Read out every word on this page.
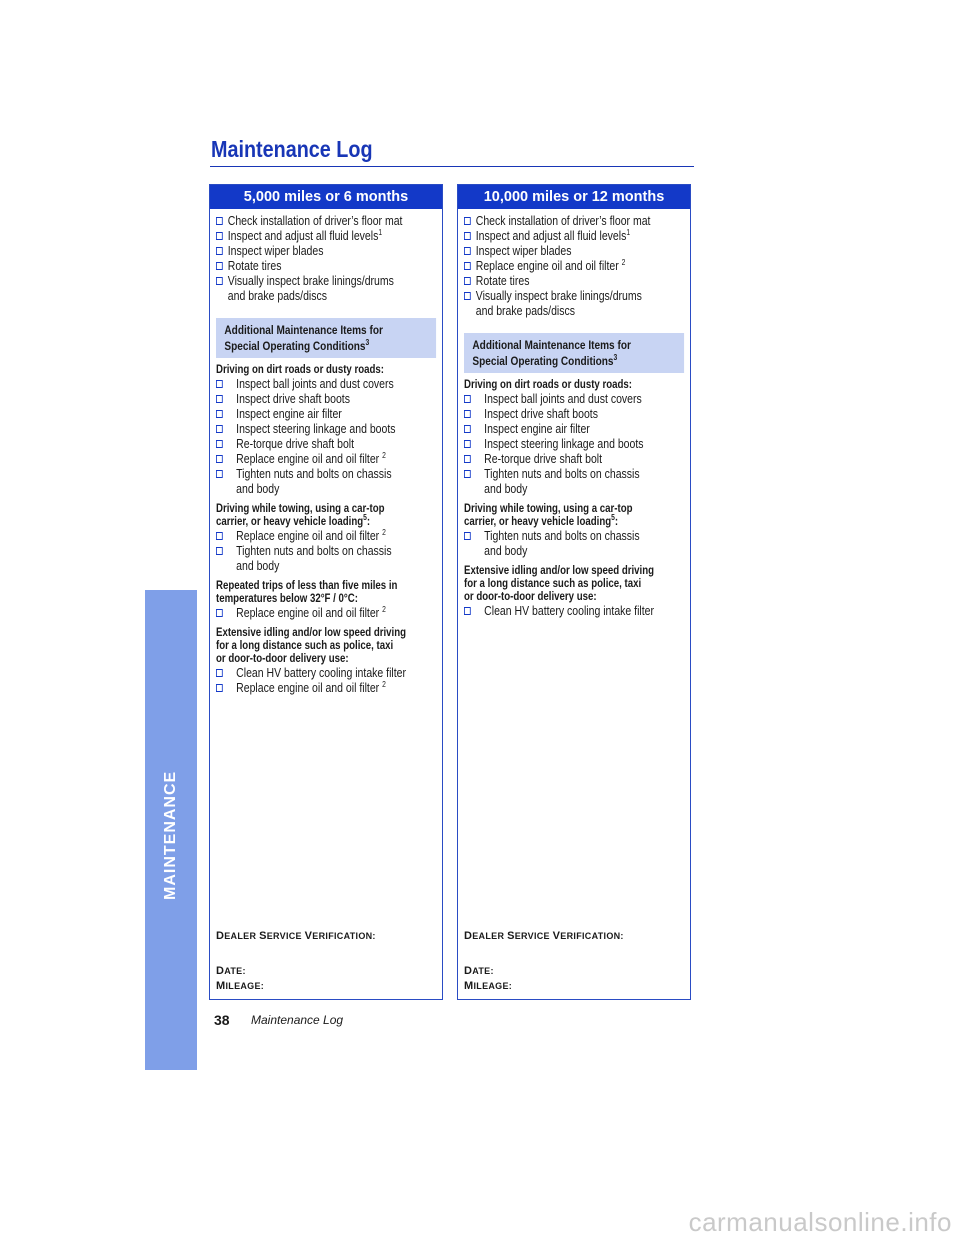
MAINTENANCE
Maintenance Log
5,000 miles or 6 months
Check installation of driver’s floor mat
Inspect and adjust all fluid levels$^1$
Inspect wiper blades
Rotate tires
Visually inspect brake linings/drums
and brake pads/discs
Additional Maintenance Items for
Special Operating Conditions$^3$
Driving on dirt roads or dusty roads:
Inspect ball joints and dust covers
Inspect drive shaft boots
Inspect engine air filter
Inspect steering linkage and boots
Re-torque drive shaft bolt
Replace engine oil and oil filter $^2$
Tighten nuts and bolts on chassis
and body
Driving while towing, using a car-top
carrier, or heavy vehicle loading$^5$:
Replace engine oil and oil filter $^2$
Tighten nuts and bolts on chassis
and body
Repeated trips of less than five miles in
temperatures below 32°F / 0°C:
Replace engine oil and oil filter $^2$
Extensive idling and/or low speed driving
for a long distance such as police, taxi
or door-to-door delivery use:
Clean HV battery cooling intake filter
Replace engine oil and oil filter $^2$
DEALER SERVICE VERIFICATION:
DATE:
MILEAGE:
10,000 miles or 12 months
Check installation of driver’s floor mat
Inspect and adjust all fluid levels$^1$
Inspect wiper blades
Replace engine oil and oil filter $^2$
Rotate tires
Visually inspect brake linings/drums
and brake pads/discs
Additional Maintenance Items for
Special Operating Conditions$^3$
Driving on dirt roads or dusty roads:
Inspect ball joints and dust covers
Inspect drive shaft boots
Inspect engine air filter
Inspect steering linkage and boots
Re-torque drive shaft bolt
Tighten nuts and bolts on chassis
and body
Driving while towing, using a car-top
carrier, or heavy vehicle loading$^5$:
Tighten nuts and bolts on chassis
and body
Extensive idling and/or low speed driving
for a long distance such as police, taxi
or door-to-door delivery use:
Clean HV battery cooling intake filter
DEALER SERVICE VERIFICATION:
DATE:
MILEAGE:
38 Maintenance Log
carmanualsonline.info
